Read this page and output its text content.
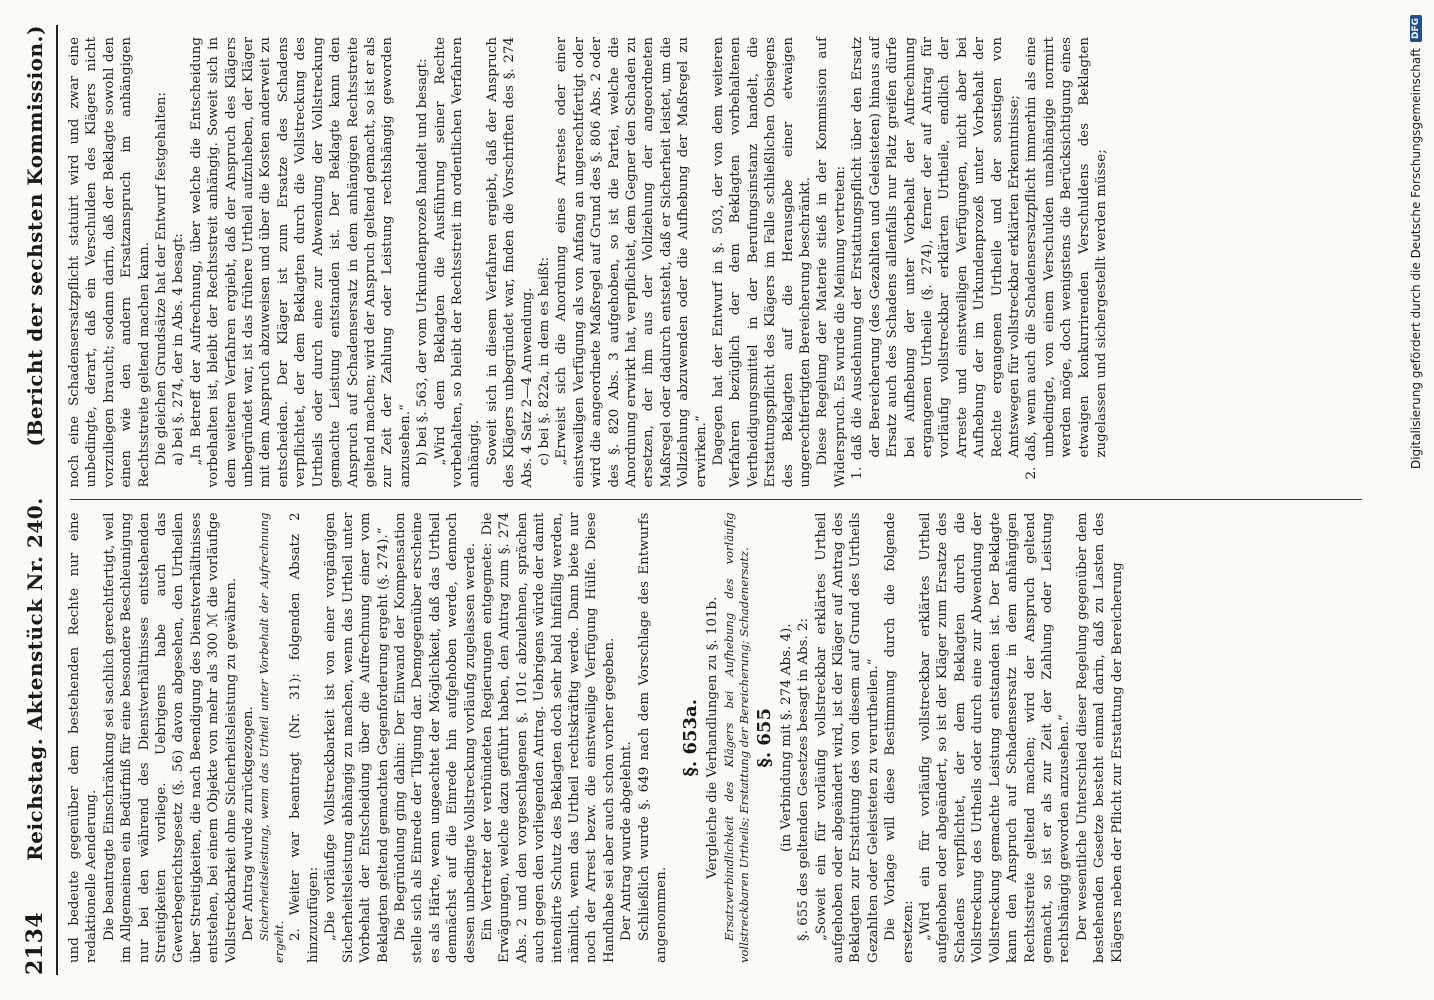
2134
Reichstag. Aktenstück Nr. 240.
(Bericht der sechsten Kommission.)

und bedeute gegenüber dem bestehenden Rechte nur eine redaktionelle Aenderung. Die beantragte Einschränkung sei sachlich gerechtfertigt, weil im Allgemeinen ein Bedürfniß für eine besondere Beschleunigung nur bei den während des Dienstverhältnisses entstehenden Streitigkeiten vorliege. Uebrigens habe auch das Gewerbegerichtsgesetz (§. 56) davon abgesehen, den Urtheilen über Streitigkeiten, die nach Beendigung des Dienstverhältnisses entstehen, bei einem Objekte von mehr als 300 ℳ die vorläufige Vollstreckbarkeit ohne Sicherheitsleistung zu gewähren. Der Antrag wurde zurückgezogen. Sicherheitsleistung, wenn das Urtheil unter Vorbehalt der Aufrechnung ergeht.

2. Weiter war beantragt (Nr. 31): folgenden Absatz 2 hinzuzufügen: „Die vorläufige Vollstreckbarkeit ist von einer vorgängigen Sicherheitsleistung abhängig zu machen, wenn das Urtheil unter Vorbehalt der Entscheidung über die Aufrechnung einer vom Beklagten geltend gemachten Gegenforderung ergeht (§. 274).“ Die Begründung ging dahin: Der Einwand der Kompensation stelle sich als Einrede der Tilgung dar. Demgegenüber erscheine es als Härte, wenn ungeachtet der Möglichkeit, daß das Urtheil demnächst auf die Einrede hin aufgehoben werde, dennoch dessen unbedingte Vollstreckung vorläufig zugelassen werde. Ein Vertreter der verbündeten Regierungen entgegnete: Die Erwägungen, welche dazu geführt haben, den Antrag zum §. 274 Abs. 2 und den vorgeschlagenen §. 101c abzulehnen, sprächen auch gegen den vorliegenden Antrag. Uebrigens würde der damit intendirte Schutz des Beklagten doch sehr bald hinfällig werden, nämlich, wenn das Urtheil rechtskräftig werde. Dann biete nur noch der Arrest bezw. die einstweilige Verfügung Hülfe. Diese Handhabe sei aber auch schon vorher gegeben. Der Antrag wurde abgelehnt. Schließlich wurde §. 649 nach dem Vorschlage des Entwurfs angenommen.

§. 653a. Vergleiche die Verhandlungen zu §. 101b. Ersatzverbindlichkeit des Klägers bei Aufhebung des vorläufig vollstreckbaren Urtheils; Erstattung der Bereicherung; Schadenersatz. §. 655 (in Verbindung mit §. 274 Abs. 4). §. 655 des geltenden Gesetzes besagt in Abs. 2: „Soweit ein für vorläufig vollstreckbar erklärtes Urtheil aufgehoben oder abgeändert wird, ist der Kläger auf Antrag des Beklagten zur Erstattung des von diesem auf Grund des Urtheils Gezahlten oder Geleisteten zu verurtheilen.“ Die Vorlage will diese Bestimmung durch die folgende ersetzen: „Wird ein für vorläufig vollstreckbar erklärtes Urtheil aufgehoben oder abgeändert, so ist der Kläger zum Ersatze des Schadens verpflichtet, der dem Beklagten durch die Vollstreckung des Urtheils oder durch eine zur Abwendung der Vollstreckung gemachte Leistung entstanden ist. Der Beklagte kann den Anspruch auf Schadensersatz in dem anhängigen Rechtsstreite geltend machen; wird der Anspruch geltend gemacht, so ist er als zur Zeit der Zahlung oder Leistung rechtshängig geworden anzusehen.“ Der wesentliche Unterschied dieser Regelung gegenüber dem bestehenden Gesetze besteht einmal darin, daß zu Lasten des Klägers neben der Pflicht zur Erstattung der Bereicherung

noch eine Schadensersatzpflicht statuirt wird und zwar eine unbedingte, derart, daß ein Verschulden des Klägers nicht vorzuliegen braucht; sodann darin, daß der Beklagte sowohl den einen wie den andern Ersatzanspruch im anhängigen Rechtsstreite geltend machen kann. Die gleichen Grundsätze hat der Entwurf festgehalten: a) bei §. 274, der in Abs. 4 besagt: „In Betreff der Aufrechnung, über welche die Entscheidung vorbehalten ist, bleibt der Rechtsstreit anhängig. Soweit sich in dem weiteren Verfahren ergiebt, daß der Anspruch des Klägers unbegründet war, ist das frühere Urtheil aufzuheben, der Kläger mit dem Anspruch abzuweisen und über die Kosten anderweit zu entscheiden. Der Kläger ist zum Ersatze des Schadens verpflichtet, der dem Beklagten durch die Vollstreckung des Urtheils oder durch eine zur Abwendung der Vollstreckung gemachte Leistung entstanden ist. Der Beklagte kann den Anspruch auf Schadensersatz in dem anhängigen Rechtsstreite geltend machen; wird der Anspruch geltend gemacht, so ist er als zur Zeit der Zahlung oder Leistung rechtshängig geworden anzusehen.“ b) bei §. 563, der vom Urkundenprozeß handelt und besagt: „Wird dem Beklagten die Ausführung seiner Rechte vorbehalten, so bleibt der Rechtsstreit im ordentlichen Verfahren anhängig. Soweit sich in diesem Verfahren ergiebt, daß der Anspruch des Klägers unbegründet war, finden die Vorschriften des §. 274 Abs. 4 Satz 2—4 Anwendung. c) bei §. 822a, in dem es heißt: „Erweist sich die Anordnung eines Arrestes oder einer einstweiligen Verfügung als von Anfang an ungerechtfertigt oder wird die angeordnete Maßregel auf Grund des §. 806 Abs. 2 oder des §. 820 Abs. 3 aufgehoben, so ist die Partei, welche die Anordnung erwirkt hat, verpflichtet, dem Gegner den Schaden zu ersetzen, der ihm aus der Vollziehung der angeordneten Maßregel oder dadurch entsteht, daß er Sicherheit leistet, um die Vollziehung abzuwenden oder die Aufhebung der Maßregel zu erwirken.“ Dagegen hat der Entwurf in §. 503, der von dem weiteren Verfahren bezüglich der dem Beklagten vorbehaltenen Vertheidigungsmittel in der Berufungsinstanz handelt, die Erstattungspflicht des Klägers im Falle schließlichen Obsiegens des Beklagten auf die Herausgabe einer etwaigen ungerechtfertigten Bereicherung beschränkt. Diese Regelung der Materie stieß in der Kommission auf Widerspruch. Es wurde die Meinung vertreten: 1. daß die Ausdehnung der Erstattungspflicht über den Ersatz der Bereicherung (des Gezahlten und Geleisteten) hinaus auf Ersatz auch des Schadens allenfalls nur Platz greifen dürfe bei Aufhebung der unter Vorbehalt der Aufrechnung ergangenen Urtheile (§. 274), ferner der auf Antrag für vorläufig vollstreckbar erklärten Urtheile, endlich der Arreste und einstweiligen Verfügungen, nicht aber bei Aufhebung der im Urkundenprozeß unter Vorbehalt der Rechte ergangenen Urtheile und der sonstigen von Amtswegen für vollstreckbar erklärten Erkenntnisse; 2. daß, wenn auch die Schadensersatzpflicht immerhin als eine unbedingte, von einem Verschulden unabhängige normirt werden möge, doch wenigstens die Berücksichtigung eines etwaigen konkurrirenden Verschuldens des Beklagten zugelassen und sichergestellt werden müsse;	Digitalisierung gefördert durch die Deutsche Forschungsgemeinschaft
DFG
